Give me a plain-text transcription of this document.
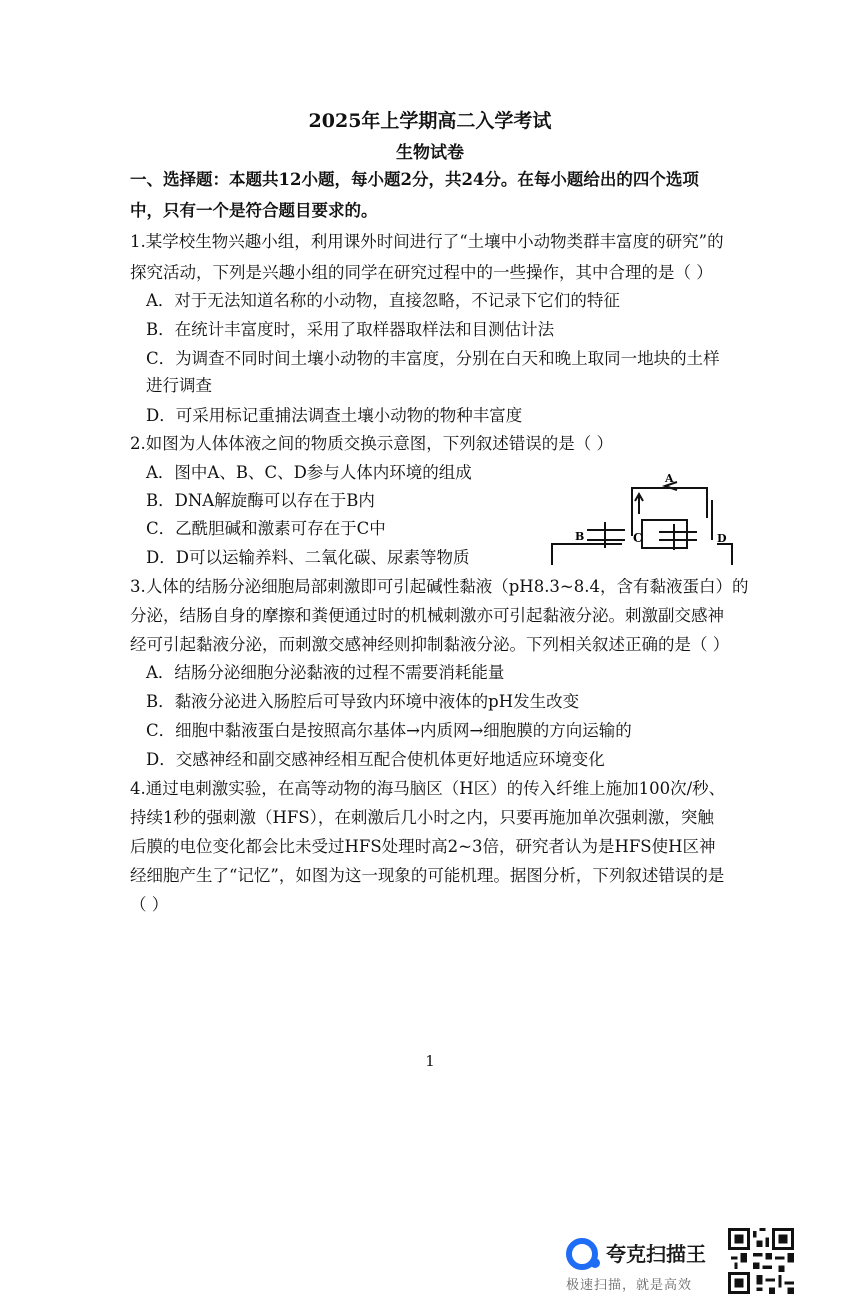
2025年上学期高二入学考试
生物试卷
一、选择题：本题共12小题，每小题2分，共24分。在每小题给出的四个选项
中，只有一个是符合题目要求的。
1.某学校生物兴趣小组，利用课外时间进行了“土壤中小动物类群丰富度的研究”的
探究活动，下列是兴趣小组的同学在研究过程中的一些操作，其中合理的是（ ）
A．对于无法知道名称的小动物，直接忽略，不记录下它们的特征
B．在统计丰富度时，采用了取样器取样法和目测估计法
C．为调查不同时间土壤小动物的丰富度，分别在白天和晚上取同一地块的土样
进行调查
D．可采用标记重捕法调查土壤小动物的物种丰富度
2.如图为人体体液之间的物质交换示意图，下列叙述错误的是（ ）
A．图中A、B、C、D参与人体内环境的组成
B．DNA解旋酶可以存在于B内
C．乙酰胆碱和激素可存在于C中
D．D可以运输养料、二氧化碳、尿素等物质
A
B	C	D
3.人体的结肠分泌细胞局部刺激即可引起碱性黏液（pH8.3~8.4，含有黏液蛋白）的
分泌，结肠自身的摩擦和粪便通过时的机械刺激亦可引起黏液分泌。刺激副交感神
经可引起黏液分泌，而刺激交感神经则抑制黏液分泌。下列相关叙述正确的是（ ）
A．结肠分泌细胞分泌黏液的过程不需要消耗能量
B．黏液分泌进入肠腔后可导致内环境中液体的pH发生改变
C．细胞中黏液蛋白是按照高尔基体→内质网→细胞膜的方向运输的
D．交感神经和副交感神经相互配合使机体更好地适应环境变化
4.通过电刺激实验，在高等动物的海马脑区（H区）的传入纤维上施加100次/秒、
持续1秒的强刺激（HFS），在刺激后几小时之内，只要再施加单次强刺激，突触
后膜的电位变化都会比未受过HFS处理时高2~3倍，研究者认为是HFS使H区神
经细胞产生了“记忆”，如图为这一现象的可能机理。据图分析，下列叙述错误的是
（ ）
1
夸克扫描王
极速扫描，就是高效
